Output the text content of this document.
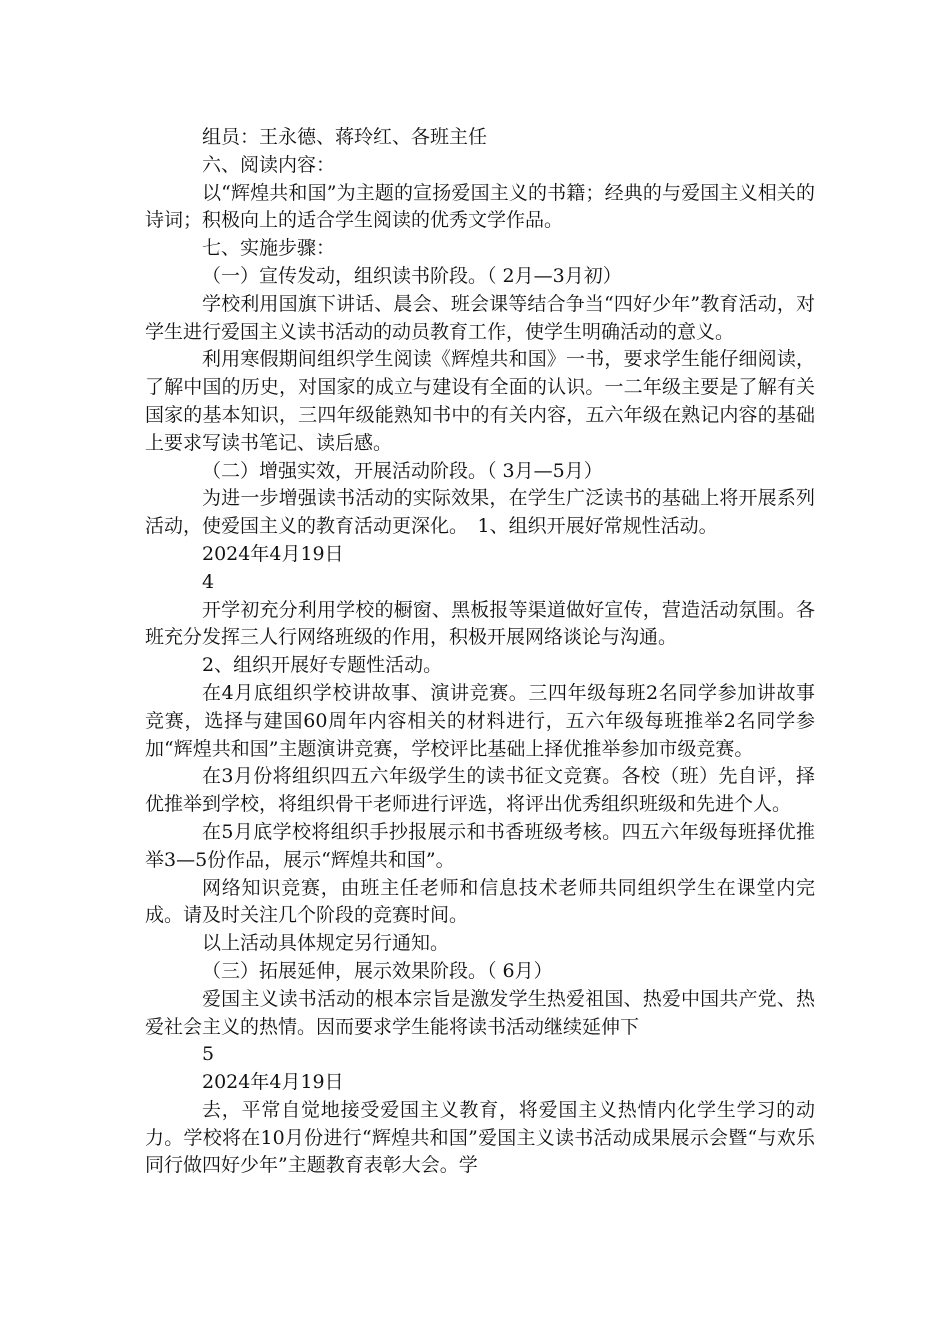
组员：王永德、蒋玲红、各班主任

六、阅读内容：

以“辉煌共和国”为主题的宣扬爱国主义的书籍；经典的与爱国主义相关的诗词；积极向上的适合学生阅读的优秀文学作品。

七、实施步骤：

（一）宣传发动，组织读书阶段。（ 2月—3月初）

学校利用国旗下讲话、晨会、班会课等结合争当“四好少年”教育活动，对学生进行爱国主义读书活动的动员教育工作，使学生明确活动的意义。

利用寒假期间组织学生阅读《辉煌共和国》一书，要求学生能仔细阅读，了解中国的历史，对国家的成立与建设有全面的认识。一二年级主要是了解有关国家的基本知识，三四年级能熟知书中的有关内容，五六年级在熟记内容的基础上要求写读书笔记、读后感。

（二）增强实效，开展活动阶段。（ 3月—5月）

为进一步增强读书活动的实际效果，在学生广泛读书的基础上将开展系列活动，使爱国主义的教育活动更深化。　1、组织开展好常规性活动。

2024年4月19日

4

开学初充分利用学校的橱窗、黑板报等渠道做好宣传，营造活动氛围。各班充分发挥三人行网络班级的作用，积极开展网络谈论与沟通。

2、组织开展好专题性活动。

在4月底组织学校讲故事、演讲竞赛。三四年级每班2名同学参加讲故事竞赛，选择与建国60周年内容相关的材料进行，五六年级每班推举2名同学参加“辉煌共和国”主题演讲竞赛，学校评比基础上择优推举参加市级竞赛。

在3月份将组织四五六年级学生的读书征文竞赛。各校（班）先自评，择优推举到学校，将组织骨干老师进行评选，将评出优秀组织班级和先进个人。

在5月底学校将组织手抄报展示和书香班级考核。四五六年级每班择优推举3—5份作品，展示“辉煌共和国”。

网络知识竞赛，由班主任老师和信息技术老师共同组织学生在课堂内完成。请及时关注几个阶段的竞赛时间。

以上活动具体规定另行通知。

（三）拓展延伸，展示效果阶段。（ 6月）

爱国主义读书活动的根本宗旨是激发学生热爱祖国、热爱中国共产党、热爱社会主义的热情。因而要求学生能将读书活动继续延伸下

5

2024年4月19日

去，平常自觉地接受爱国主义教育，将爱国主义热情内化学生学习的动力。学校将在10月份进行“辉煌共和国”爱国主义读书活动成果展示会暨“与欢乐同行做四好少年”主题教育表彰大会。学
